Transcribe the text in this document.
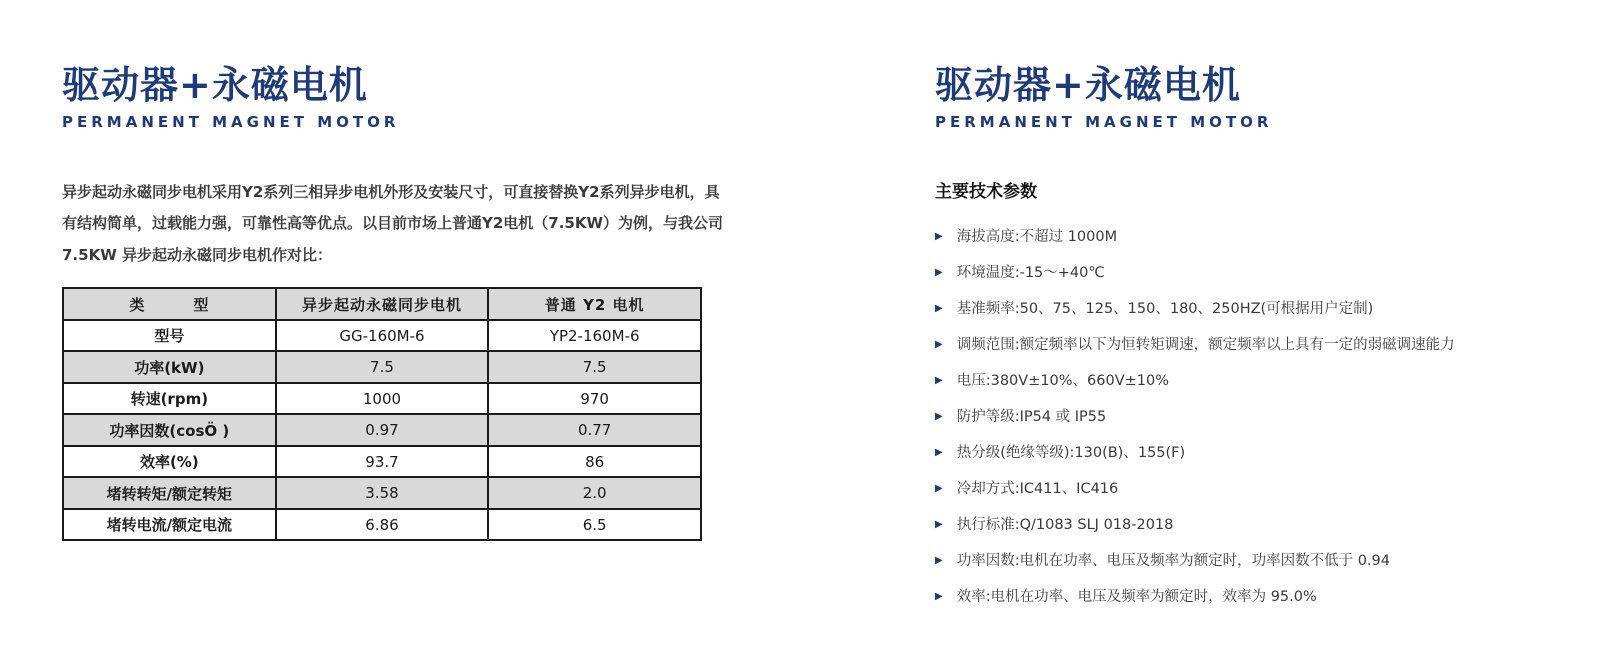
驱动器+永磁电机
PERMANENT MAGNET MOTOR
异步起动永磁同步电机采用Y2系列三相异步电机外形及安装尺寸，可直接替换Y2系列异步电机，具
有结构简单，过载能力强，可靠性高等优点。以目前市场上普通Y2电机（7.5KW）为例，与我公司
7.5KW 异步起动永磁同步电机作对比：
类　　　型	异步起动永磁同步电机	普通 Y2 电机
型号	GG-160M-6	YP2-160M-6
功率(kW)	7.5	7.5
转速(rpm)	1000	970
功率因数(cosÖ )	0.97	0.77
效率(%)	93.7	86
堵转转矩/额定转矩	3.58	2.0
堵转电流/额定电流	6.86	6.5
驱动器+永磁电机
PERMANENT MAGNET MOTOR
主要技术参数
▶
海拔高度:不超过 1000M
▶
环境温度:-15～+40℃
▶
基准频率:50、75、125、150、180、250HZ(可根据用户定制)
▶
调频范围:额定频率以下为恒转矩调速，额定频率以上具有一定的弱磁调速能力
▶
电压:380V±10%、660V±10%
▶
防护等级:IP54 或 IP55
▶
热分级(绝缘等级):130(B)、155(F)
▶
冷却方式:IC411、IC416
▶
执行标准:Q/1083 SLJ 018-2018
▶
功率因数:电机在功率、电压及频率为额定时，功率因数不低于 0.94
▶
效率:电机在功率、电压及频率为额定时，效率为 95.0%
